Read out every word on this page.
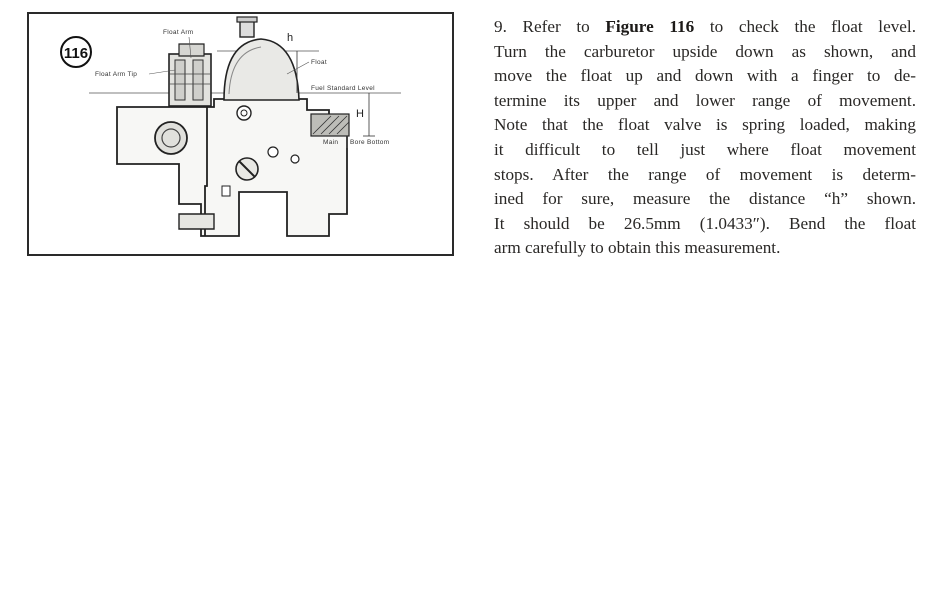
116
h
H
Float Arm
Float Arm Tip
Float
Fuel Standard Level
Main Bore Bottom
9. Refer to Figure 116 to check the float level.
Turn the carburetor upside down as shown, and
move the float up and down with a finger to de-
termine its upper and lower range of movement.
Note that the float valve is spring loaded, making
it difficult to tell just where float movement
stops. After the range of movement is determ-
ined for sure, measure the distance “h” shown.
It should be 26.5mm (1.0433″). Bend the float
arm carefully to obtain this measurement.
